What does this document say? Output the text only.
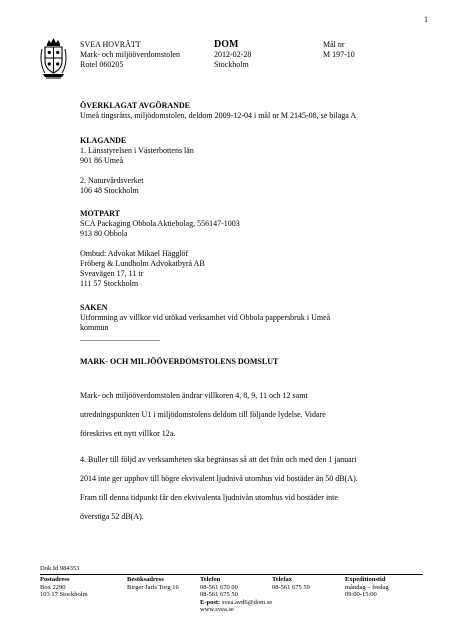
1
SVEA HOVRÄTT
Mark- och miljööverdomstolen
Rotel 060205
DOM
2012-02-28
Stockholm
Mål nr
M 197-10
ÖVERKLAGAT AVGÖRANDE
Umeå tingsrätts, miljödomstolen, deldom 2009-12-04 i mål nr M 2145-08, se bilaga A
KLAGANDE
1. Länsstyrelsen i Västerbottens län
901 86 Umeå
2. Naturvårdsverket
106 48 Stockholm
MOTPART
SCA Packaging Obbola Aktiebolag, 556147-1003
913 80 Obbola
Ombud: Advokat Mikael Hägglöf
Fröberg & Lundholm Advokatbyrå AB
Sveavägen 17, 11 tr
111 57 Stockholm
SAKEN
Utformning av villkor vid utökad verksamhet vid Obbola pappersbruk i Umeå
kommun
____________________
MARK- OCH MILJÖÖVERDOMSTOLENS DOMSLUT
Mark- och miljööverdomstolen ändrar villkoren 4, 8, 9, 11 och 12 samt
utredningspunkten U1 i miljödomstolens deldom till följande lydelse. Vidare
föreskrivs ett nytt villkor 12a.
4. Buller till följd av verksamheten ska begränsas så att det från och med den 1 januari
2014 inte ger upphov till högre ekvivalent ljudnivå utomhus vid bostäder än 50 dB(A).
Fram till denna tidpunkt får den ekvivalenta ljudnivån utomhus vid bostäder inte
överstiga 52 dB(A).
Dok.Id 984353
Postadress
Box 2290
103 17 Stockholm
Besöksadress
Birger Jarls Torg 16
Telefon
08-561 670 00
08-561 675 50
E-post: svea.avd6@dom.se
www.svea.se
Telefax
08-561 675 59
Expeditionstid
måndag – fredag
09:00-15:00
